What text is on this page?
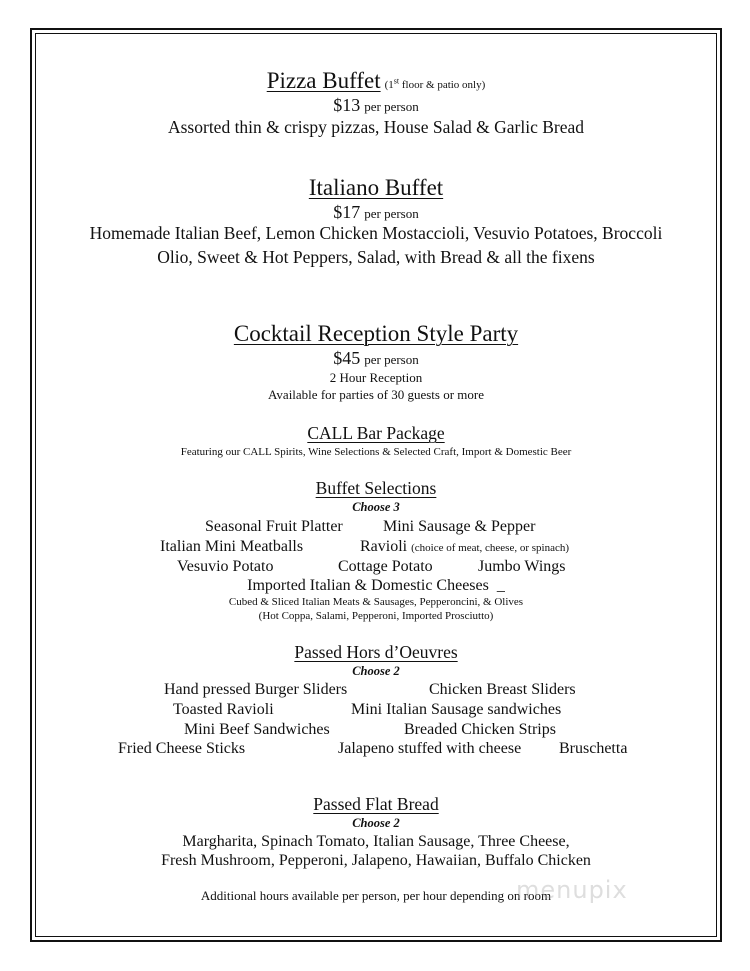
Pizza Buffet (1st floor & patio only)
$13 per person
Assorted thin & crispy pizzas, House Salad & Garlic Bread
Italiano Buffet
$17 per person
Homemade Italian Beef, Lemon Chicken Mostaccioli, Vesuvio Potatoes, Broccoli
Olio, Sweet & Hot Peppers, Salad, with Bread & all the fixens
Cocktail Reception Style Party
$45 per person
2 Hour Reception
Available for parties of 30 guests or more
CALL Bar Package
Featuring our CALL Spirits, Wine Selections & Selected Craft, Import & Domestic Beer
Buffet Selections
Choose 3
Seasonal Fruit Platter	Mini Sausage & Pepper
Italian Mini Meatballs	Ravioli (choice of meat, cheese, or spinach)
Vesuvio Potato	Cottage Potato	Jumbo Wings
Imported Italian & Domestic Cheeses _
Cubed & Sliced Italian Meats & Sausages, Pepperoncini, & Olives
(Hot Coppa, Salami, Pepperoni, Imported Prosciutto)
Passed Hors d’Oeuvres
Choose 2
Hand pressed Burger Sliders	Chicken Breast Sliders
Toasted Ravioli	Mini Italian Sausage sandwiches
Mini Beef Sandwiches	Breaded Chicken Strips
Fried Cheese Sticks	Jalapeno stuffed with cheese Bruschetta
Passed Flat Bread
Choose 2
Margharita, Spinach Tomato, Italian Sausage, Three Cheese,
Fresh Mushroom, Pepperoni, Jalapeno, Hawaiian, Buffalo Chicken
Additional hours available per person, per hour depending on room
menupix
